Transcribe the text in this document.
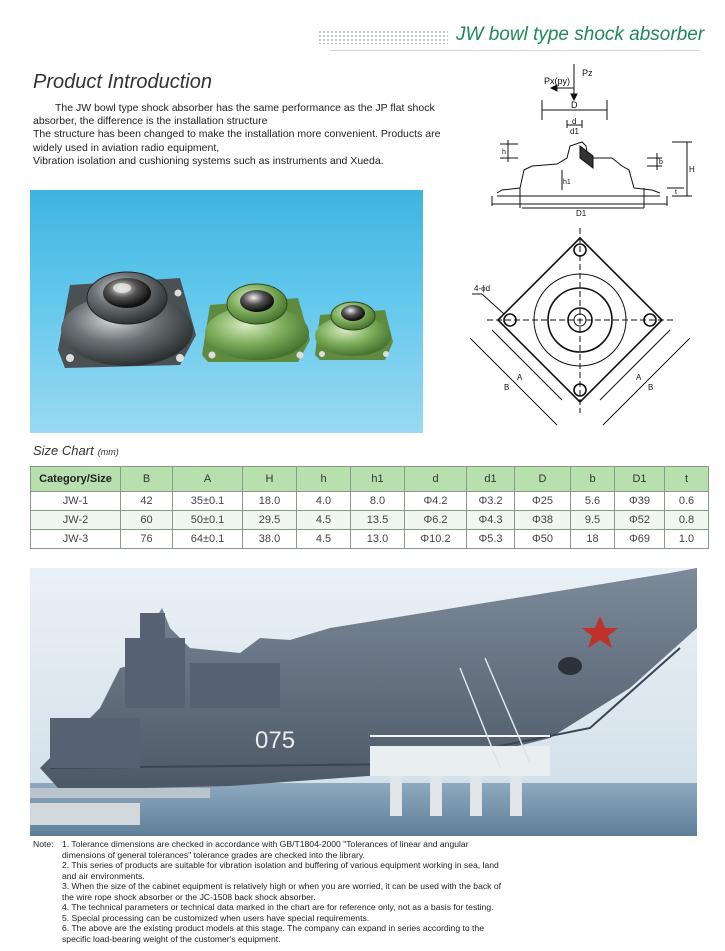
JW bowl type shock absorber
Product Introduction
The JW bowl type shock absorber has the same performance as the JP flat shock
absorber, the difference is the installation structure
The structure has been changed to make the installation more convenient. Products are
widely used in aviation radio equipment,
Vibration isolation and cushioning systems such as instruments and Xueda.
Px(py)
Pz
D
d
d1
h
b
h1
H
t
D1
4-ϕd
A
B
A
B
Size Chart (mm)
Category/Size	B	A	H	h	h1	d	d1	D	b	D1	t
JW-1	42	35±0.1	18.0	4.0	8.0	Φ4.2	Φ3.2	Φ25	5.6	Φ39	0.6
JW-2	60	50±0.1	29.5	4.5	13.5	Φ6.2	Φ4.3	Φ38	9.5	Φ52	0.8
JW-3	76	64±0.1	38.0	4.5	13.0	Φ10.2	Φ5.3	Φ50	18	Φ69	1.0
075
Note: 1. Tolerance dimensions are checked in accordance with GB/T1804-2000 "Tolerances of linear and angular
dimensions of general tolerances" tolerance grades are checked into the library.
2. This series of products are suitable for vibration isolation and buffering of various equipment working in sea, land
and air environments.
3. When the size of the cabinet equipment is relatively high or when you are worried, it can be used with the back of
the wire rope shock absorber or the JC-1508 back shock absorber.
4. The technical parameters or technical data marked in the chart are for reference only, not as a basis for testing.
5. Special processing can be customized when users have special requirements.
6. The above are the existing product models at this stage. The company can expand in series according to the
specific load-bearing weight of the customer's equipment.
